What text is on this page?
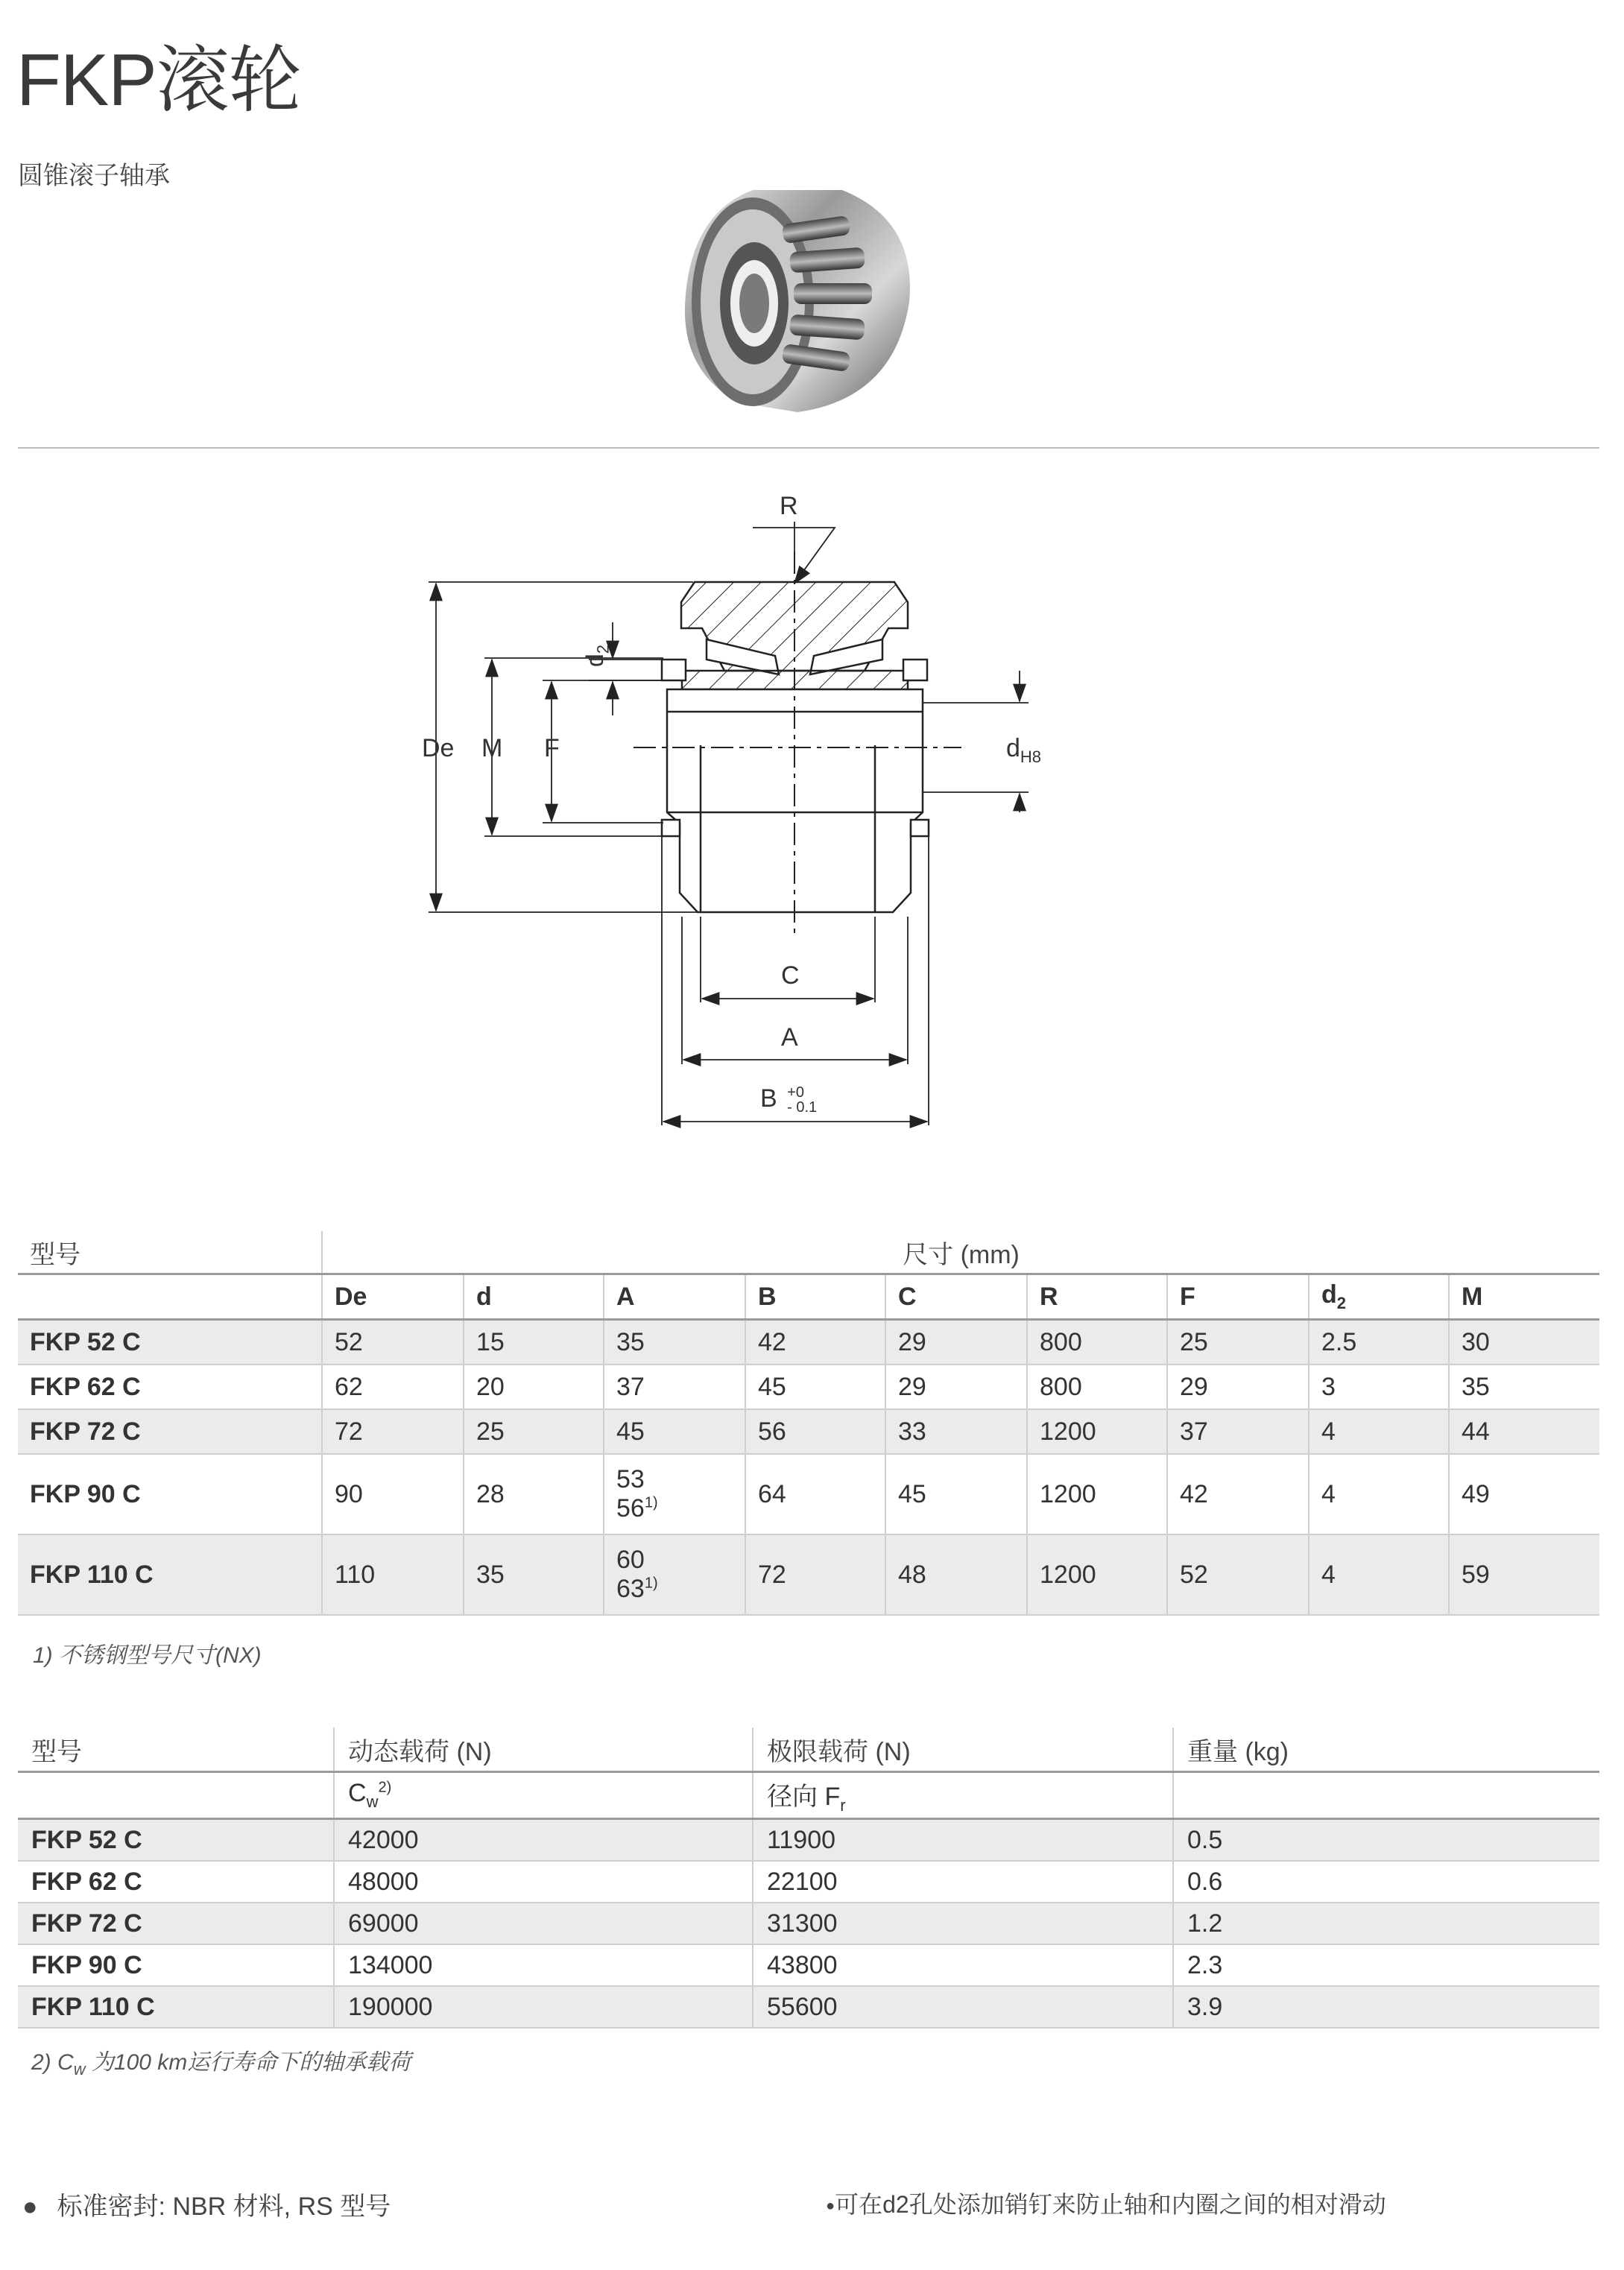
FKP滚轮
圆锥滚子轴承
R
De M F
$d_2$
$d_{H8}$
C
A
B +0
- 0.1
型号	尺寸 (mm)								
	De	d	A	B	C	R	F	$d_2$	M
FKP 52 C	52	15	35	42	29	800	25	2.5	30
FKP 62 C	62	20	37	45	29	800	29	3	35
FKP 72 C	72	25	45	56	33	1200	37	4	44
FKP 90 C	90	28	53
56$^{1)}$	64	45	1200	42	4	49
FKP 110 C	110	35	60
63$^{1)}$	72	48	1200	52	4	59
1) 不锈钢型号尺寸(NX)
型号	动态载荷 (N)	极限载荷 (N)	重量 (kg)
	$C_w^{2)}$	径向 $F_r$	
FKP 52 C	42000	11900	0.5
FKP 62 C	48000	22100	0.6
FKP 72 C	69000	31300	1.2
FKP 90 C	134000	43800	2.3
FKP 110 C	190000	55600	3.9
2) $C_w$ 为100 km运行寿命下的轴承载荷
● 标准密封: NBR 材料, RS 型号	●可在d2孔处添加销钉来防止轴和内圈之间的相对滑动
